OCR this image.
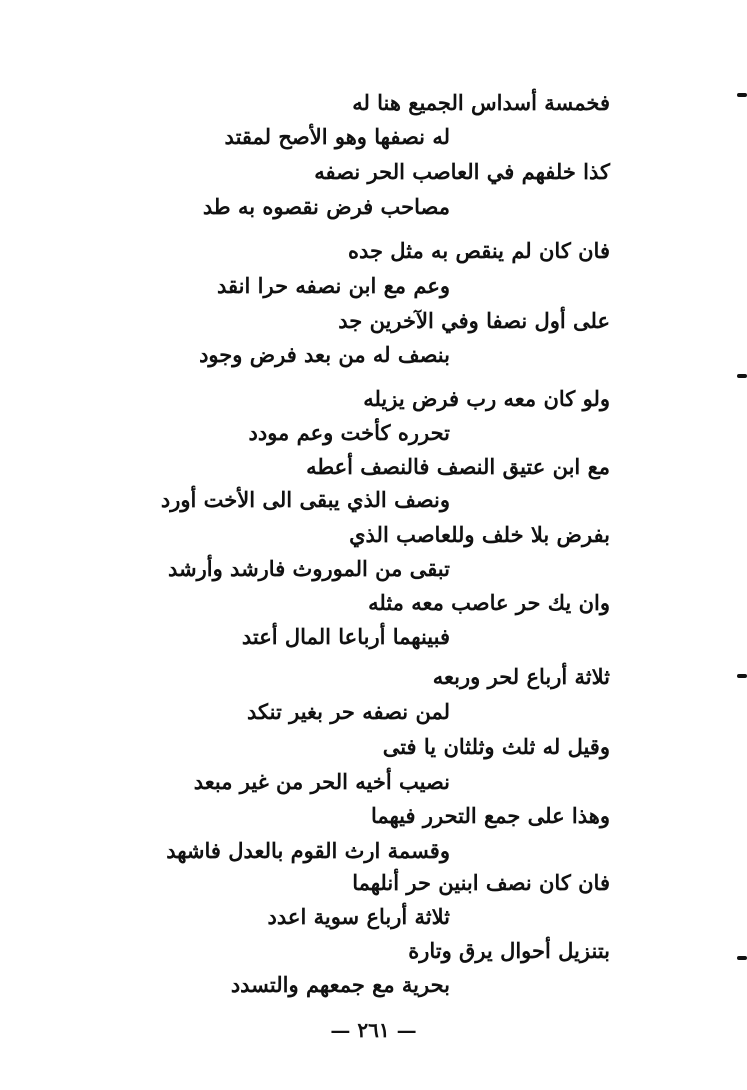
فخمسة أسداس الجميع هنا له
له نصفها وهو الأصح لمقتد
كذا خلفهم في العاصب الحر نصفه
مصاحب فرض نقصوه به طد
فان كان لم ينقص به مثل جده
وعم مع ابن نصفه حرا انقد
على أول نصفا وفي الآخرين جد
بنصف له من بعد فرض وجود
ولو كان معه رب فرض يزيله
تحرره كأخت وعم مودد
مع ابن عتيق النصف فالنصف أعطه
ونصف الذي يبقى الى الأخت أورد
بفرض بلا خلف وللعاصب الذي
تبقى من الموروث فارشد وأرشد
وان يك حر عاصب معه مثله
فبينهما أرباعا المال أعتد
ثلاثة أرباع لحر وربعه
لمن نصفه حر بغير تنكد
وقيل له ثلث وثلثان يا فتى
نصيب أخيه الحر من غير مبعد
وهذا على جمع التحرر فيهما
وقسمة ارث القوم بالعدل فاشهد
فان كان نصف ابنين حر أنلهما
ثلاثة أرباع سوية اعدد
بتنزيل أحوال يرق وتارة
بحرية مع جمعهم والتسدد
— ٢٦١ —
